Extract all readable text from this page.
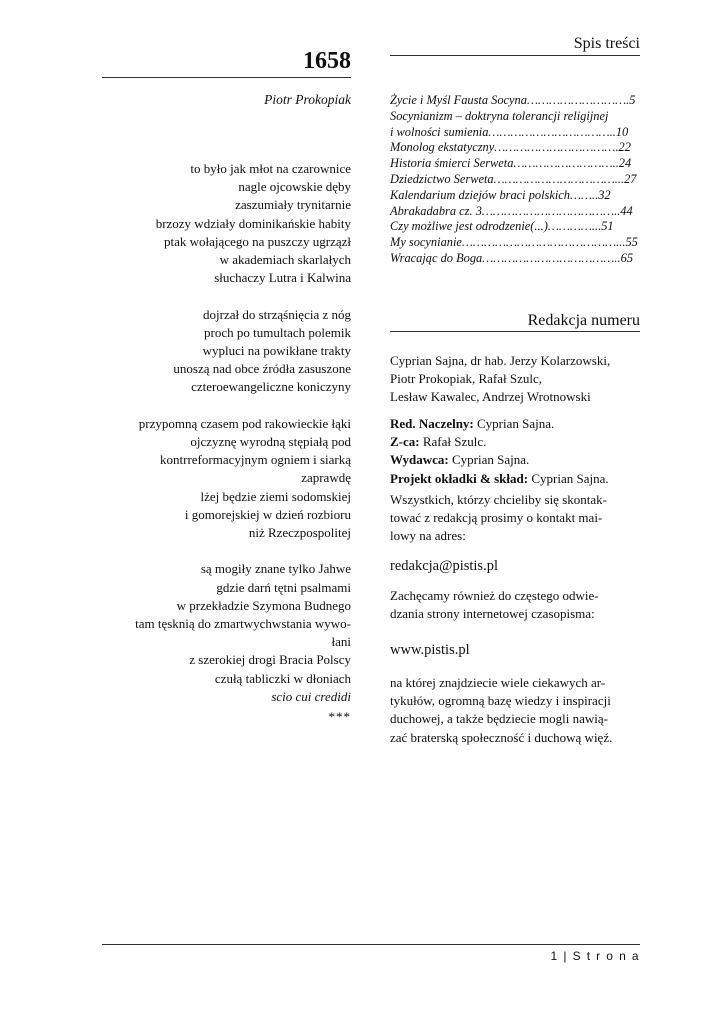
1658
Piotr Prokopiak
to było jak młot na czarownice
nagle ojcowskie dęby
zaszumiały trynitarnie
brzozy wdziały dominikańskie habity
ptak wołającego na puszczy ugrzązł
w akademiach skarlałych
słuchaczy Lutra i Kalwina
dojrzał do strząśnięcia z nóg
proch po tumultach polemik
wypluci na powikłane trakty
unoszą nad obce źródła zasuszone
czteroewangeliczne koniczyny
przypomną czasem pod rakowieckie łąki
ojczyznę wyrodną stępiałą pod
kontrreformacyjnym ogniem i siarką
zaprawdę
lżej będzie ziemi sodomskiej
i gomorejskiej w dzień rozbioru
niż Rzeczpospolitej
są mogiły znane tylko Jahwe
gdzie darń tętni psalmami
w przekładzie Szymona Budnego
tam tęsknią do zmartwychwstania wywo-
łani
z szerokiej drogi Bracia Polscy
czułą tabliczki w dłoniach
scio cui credidi
***
Spis treści
Życie i Myśl Fausta Socyna……………………….5
Socynianizm – doktryna tolerancji religijnej
i wolności sumienia……………………………..10
Monolog ekstatyczny…………………………….22
Historia śmierci Serweta………………………..24
Dziedzictwo Serweta……………………………...27
Kalendarium dziejów braci polskich……..32
Abrakadabra cz. 3………………………………..44
Czy możliwe jest odrodzenie(...)…………...51
My socynianie……………………………………...55
Wracając do Boga………………………………..65
Redakcja numeru
Cyprian Sajna, dr hab. Jerzy Kolarzowski,
Piotr Prokopiak, Rafał Szulc,
Lesław Kawalec, Andrzej Wrotnowski
Red. Naczelny: Cyprian Sajna.
Z-ca: Rafał Szulc.
Wydawca: Cyprian Sajna.
Projekt okładki & skład: Cyprian Sajna.
Wszystkich, którzy chcieliby się skontak-
tować z redakcją prosimy o kontakt mai-
lowy na adres:
redakcja@pistis.pl
Zachęcamy również do częstego odwie-
dzania strony internetowej czasopisma:
www.pistis.pl
na której znajdziecie wiele ciekawych ar-
tykułów, ogromną bazę wiedzy i inspiracji
duchowej, a także będziecie mogli nawią-
zać braterską społeczność i duchową więź.
1 | S t r o n a
